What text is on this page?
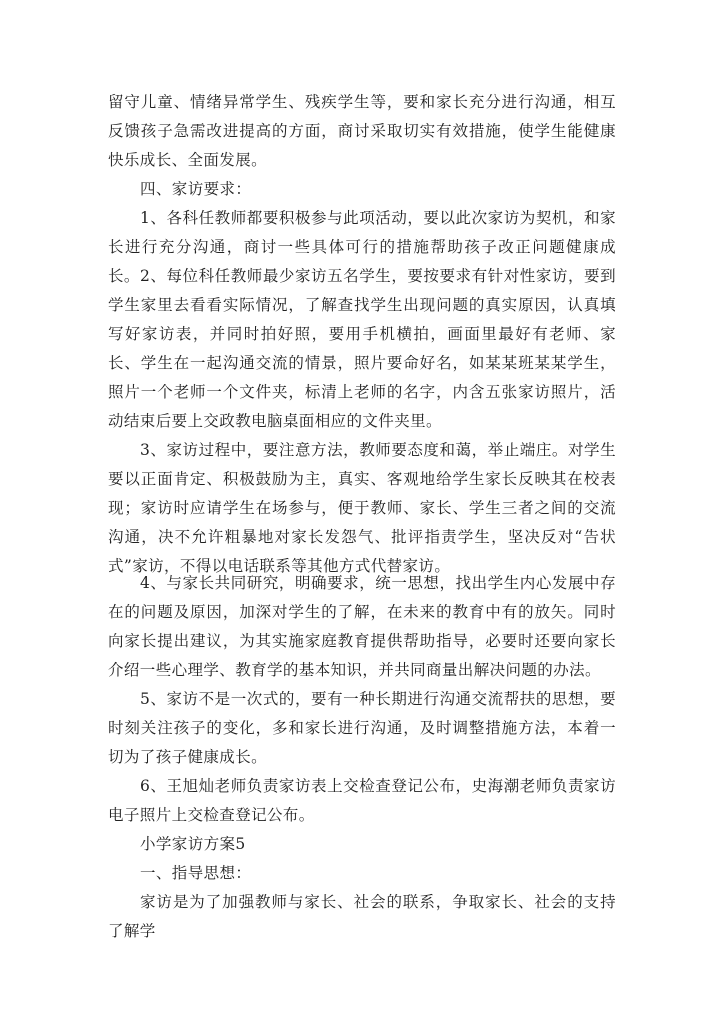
留守儿童、情绪异常学生、残疾学生等，要和家长充分进行沟通，相互反馈孩子急需改进提高的方面，商讨采取切实有效措施，使学生能健康快乐成长、全面发展。

四、家访要求：

1、各科任教师都要积极参与此项活动，要以此次家访为契机，和家长进行充分沟通，商讨一些具体可行的措施帮助孩子改正问题健康成长。 2、每位科任教师最少家访五名学生，要按要求有针对性家访，要到学生家里去看看实际情况，了解查找学生出现问题的真实原因，认真填写好家访表，并同时拍好照，要用手机横拍，画面里最好有老师、家长、学生在一起沟通交流的情景，照片要命好名，如某某班某某学生，照片一个老师一个文件夹，标清上老师的名字，内含五张家访照片，活动结束后要上交政教电脑桌面相应的文件夹里。

3、家访过程中，要注意方法，教师要态度和蔼，举止端庄。对学生要以正面肯定、积极鼓励为主，真实、客观地给学生家长反映其在校表现；家访时应请学生在场参与，便于教师、家长、学生三者之间的交流沟通，决不允许粗暴地对家长发怨气、批评指责学生，坚决反对“告状式”家访，不得以电话联系等其他方式代替家访。

4、与家长共同研究，明确要求，统一思想，找出学生内心发展中存在的问题及原因，加深对学生的了解，在未来的教育中有的放矢。同时向家长提出建议，为其实施家庭教育提供帮助指导，必要时还要向家长介绍一些心理学、教育学的基本知识，并共同商量出解决问题的办法。

5、家访不是一次式的，要有一种长期进行沟通交流帮扶的思想，要时刻关注孩子的变化，多和家长进行沟通，及时调整措施方法，本着一切为了孩子健康成长。

6、王旭灿老师负责家访表上交检查登记公布，史海潮老师负责家访电子照片上交检查登记公布。

小学家访方案5

一、指导思想：

家访是为了加强教师与家长、社会的联系，争取家长、社会的支持了解学
